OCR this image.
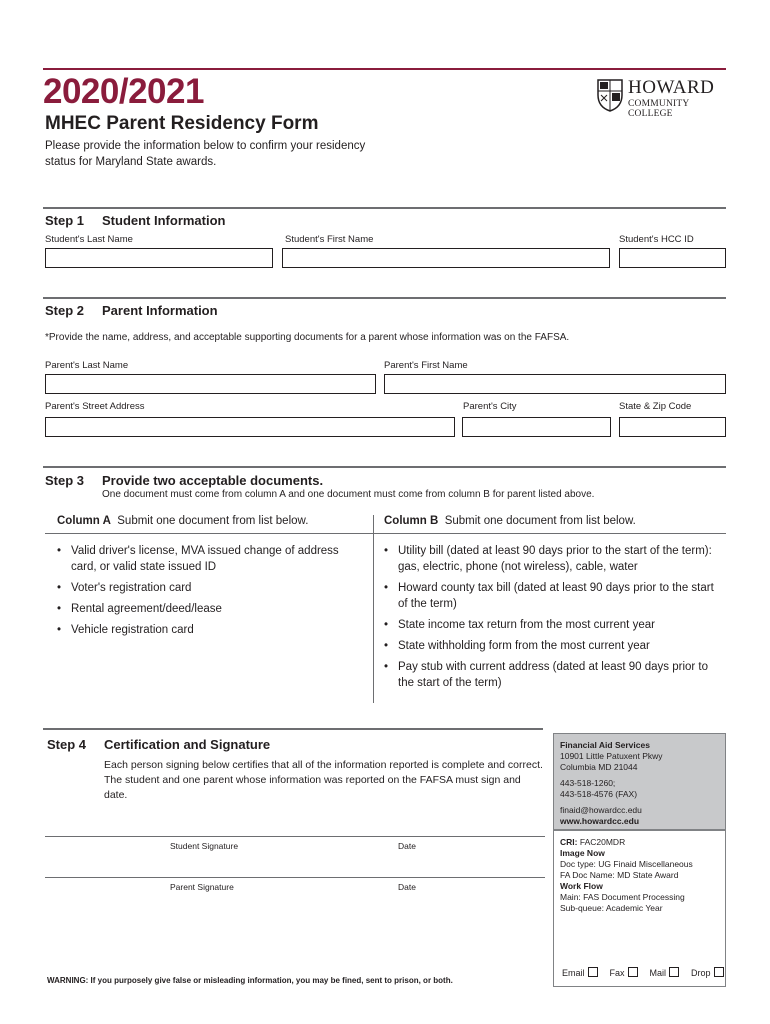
2020/2021
MHEC Parent Residency Form
Please provide the information below to confirm your residency status for Maryland State awards.
HOWARD
COMMUNITY COLLEGE
Step 1 Student Information
Student's Last Name	Student's First Name	Student's HCC ID
Step 2 Parent Information
*Provide the name, address, and acceptable supporting documents for a parent whose information was on the FAFSA.
Parent's Last Name	Parent's First Name
Parent's Street Address	Parent's City	State & Zip Code
Step 3 Provide two acceptable documents.
One document must come from column A and one document must come from column B for parent listed above.
Column A Submit one document from list below.	Column B Submit one document from list below.
• Valid driver's license, MVA issued change of address card, or valid state issued ID
• Voter's registration card
• Rental agreement/deed/lease
• Vehicle registration card
• Utility bill (dated at least 90 days prior to the start of the term): gas, electric, phone (not wireless), cable, water
• Howard county tax bill (dated at least 90 days prior to the start of the term)
• State income tax return from the most current year
• State withholding form from the most current year
• Pay stub with current address (dated at least 90 days prior to the start of the term)
Step 4 Certification and Signature
Each person signing below certifies that all of the information reported is complete and correct. The student and one parent whose information was reported on the FAFSA must sign and date.
Student Signature	Date
Parent Signature	Date
WARNING: If you purposely give false or misleading information, you may be fined, sent to prison, or both.
Financial Aid Services
10901 Little Patuxent Pkwy
Columbia MD 21044
443-518-1260;
443-518-4576 (FAX)
finaid@howardcc.edu
www.howardcc.edu
CRI: FAC20MDR
Image Now
Doc type: UG Finaid Miscellaneous
FA Doc Name: MD State Award
Work Flow
Main: FAS Document Processing
Sub-queue: Academic Year
Email	Fax	Mail	Drop
